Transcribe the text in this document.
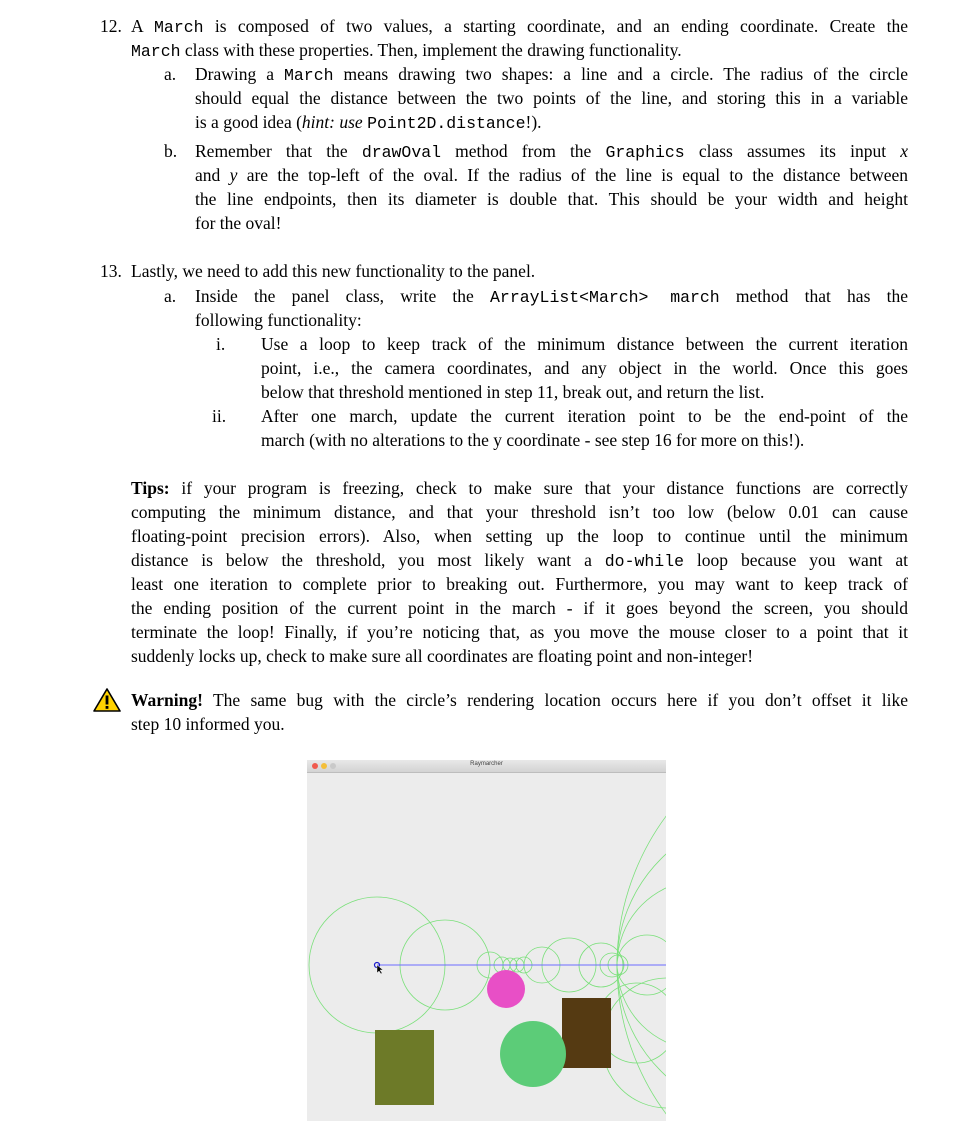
12. A March is composed of two values, a starting coordinate, and an ending coordinate. Create the
March class with these properties. Then, implement the drawing functionality.
a. Drawing a March means drawing two shapes: a line and a circle. The radius of the circle
should equal the distance between the two points of the line, and storing this in a variable
is a good idea (hint: use Point2D.distance!).
b. Remember that the drawOval method from the Graphics class assumes its input x
and y are the top-left of the oval. If the radius of the line is equal to the distance between
the line endpoints, then its diameter is double that. This should be your width and height
for the oval!
13. Lastly, we need to add this new functionality to the panel.
a. Inside the panel class, write the ArrayList<March> march method that has the
following functionality:
i. Use a loop to keep track of the minimum distance between the current iteration
point, i.e., the camera coordinates, and any object in the world. Once this goes
below that threshold mentioned in step 11, break out, and return the list.
ii. After one march, update the current iteration point to be the end-point of the
march (with no alterations to the y coordinate - see step 16 for more on this!).
Tips: if your program is freezing, check to make sure that your distance functions are correctly
computing the minimum distance, and that your threshold isn’t too low (below 0.01 can cause
floating-point precision errors). Also, when setting up the loop to continue until the minimum
distance is below the threshold, you most likely want a do-while loop because you want at
least one iteration to complete prior to breaking out. Furthermore, you may want to keep track of
the ending position of the current point in the march - if it goes beyond the screen, you should
terminate the loop! Finally, if you’re noticing that, as you move the mouse closer to a point that it
suddenly locks up, check to make sure all coordinates are floating point and non-integer!
Warning! The same bug with the circle’s rendering location occurs here if you don’t offset it like
step 10 informed you.
Raymarcher
